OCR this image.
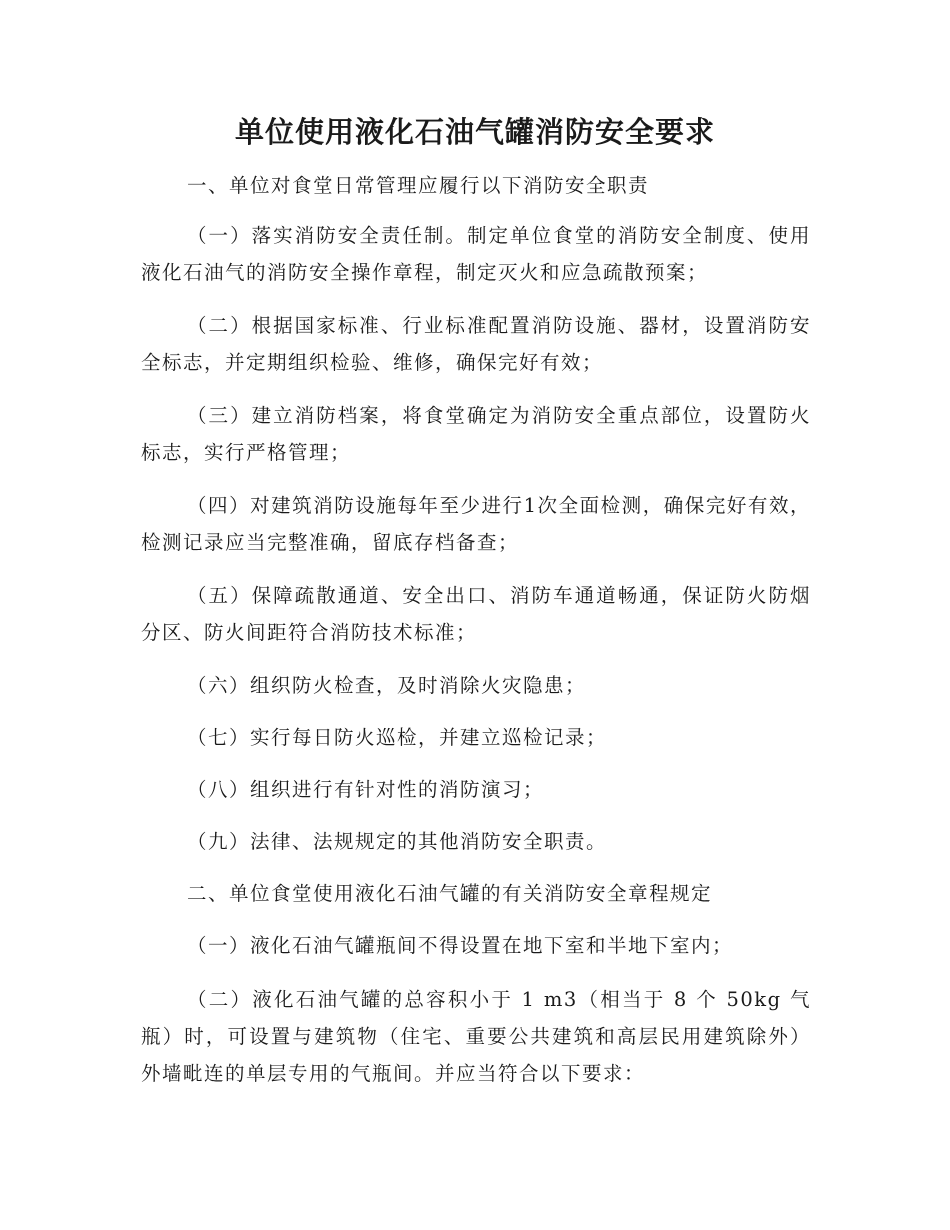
单位使用液化石油气罐消防安全要求
一、单位对食堂日常管理应履行以下消防安全职责
（一）落实消防安全责任制。制定单位食堂的消防安全制度、使用液化石油气的消防安全操作章程，制定灭火和应急疏散预案；
（二）根据国家标准、行业标准配置消防设施、器材，设置消防安全标志，并定期组织检验、维修，确保完好有效；
（三）建立消防档案，将食堂确定为消防安全重点部位，设置防火标志，实行严格管理；
（四）对建筑消防设施每年至少进行1次全面检测，确保完好有效，检测记录应当完整准确，留底存档备查；
（五）保障疏散通道、安全出口、消防车通道畅通，保证防火防烟分区、防火间距符合消防技术标准；
（六）组织防火检查，及时消除火灾隐患；
（七）实行每日防火巡检，并建立巡检记录；
（八）组织进行有针对性的消防演习；
（九）法律、法规规定的其他消防安全职责。
二、单位食堂使用液化石油气罐的有关消防安全章程规定
（一）液化石油气罐瓶间不得设置在地下室和半地下室内；
（二）液化石油气罐的总容积小于 1 m3（相当于 8 个 50kg 气瓶）时，可设置与建筑物（住宅、重要公共建筑和高层民用建筑除外）外墙毗连的单层专用的气瓶间。并应当符合以下要求：
